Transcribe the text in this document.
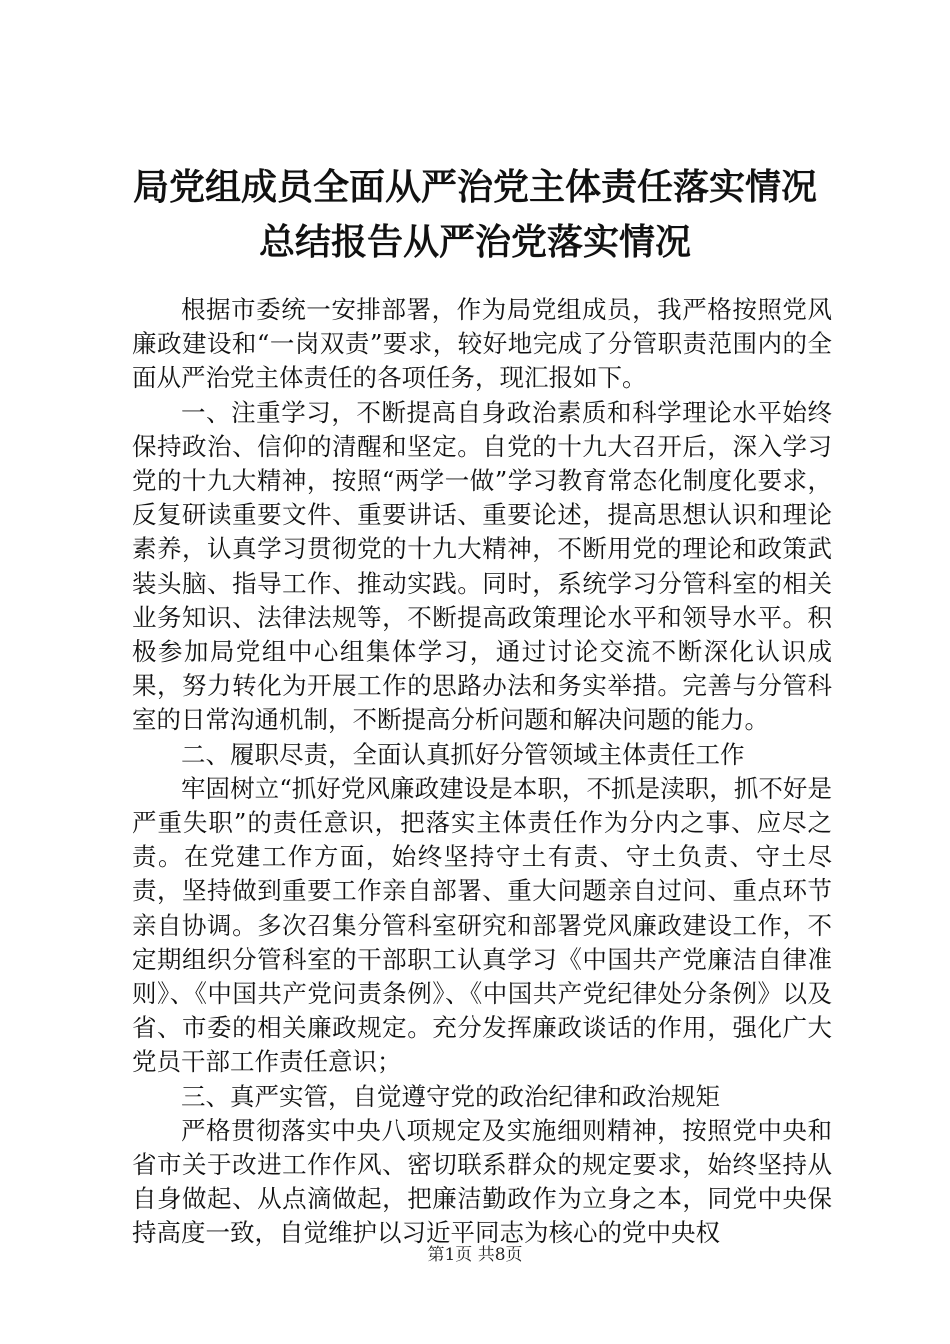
局党组成员全面从严治党主体责任落实情况总结报告从严治党落实情况

根据市委统一安排部署，作为局党组成员，我严格按照党风廉政建设和“一岗双责”要求，较好地完成了分管职责范围内的全面从严治党主体责任的各项任务，现汇报如下。

一、注重学习，不断提高自身政治素质和科学理论水平始终保持政治、信仰的清醒和坚定。自党的十九大召开后，深入学习党的十九大精神，按照“两学一做”学习教育常态化制度化要求，反复研读重要文件、重要讲话、重要论述，提高思想认识和理论素养，认真学习贯彻党的十九大精神，不断用党的理论和政策武装头脑、指导工作、推动实践。同时，系统学习分管科室的相关业务知识、法律法规等，不断提高政策理论水平和领导水平。积极参加局党组中心组集体学习，通过讨论交流不断深化认识成果，努力转化为开展工作的思路办法和务实举措。完善与分管科室的日常沟通机制，不断提高分析问题和解决问题的能力。

二、履职尽责，全面认真抓好分管领域主体责任工作

牢固树立“抓好党风廉政建设是本职，不抓是渎职，抓不好是严重失职”的责任意识，把落实主体责任作为分内之事、应尽之责。在党建工作方面，始终坚持守土有责、守土负责、守土尽责，坚持做到重要工作亲自部署、重大问题亲自过问、重点环节亲自协调。多次召集分管科室研究和部署党风廉政建设工作，不定期组织分管科室的干部职工认真学习《中国共产党廉洁自律准则》、《中国共产党问责条例》、《中国共产党纪律处分条例》以及省、市委的相关廉政规定。充分发挥廉政谈话的作用，强化广大党员干部工作责任意识；

三、真严实管，自觉遵守党的政治纪律和政治规矩

严格贯彻落实中央八项规定及实施细则精神，按照党中央和省市关于改进工作作风、密切联系群众的规定要求，始终坚持从自身做起、从点滴做起，把廉洁勤政作为立身之本，同党中央保持高度一致，自觉维护以习近平同志为核心的党中央权

第1页 共8页
